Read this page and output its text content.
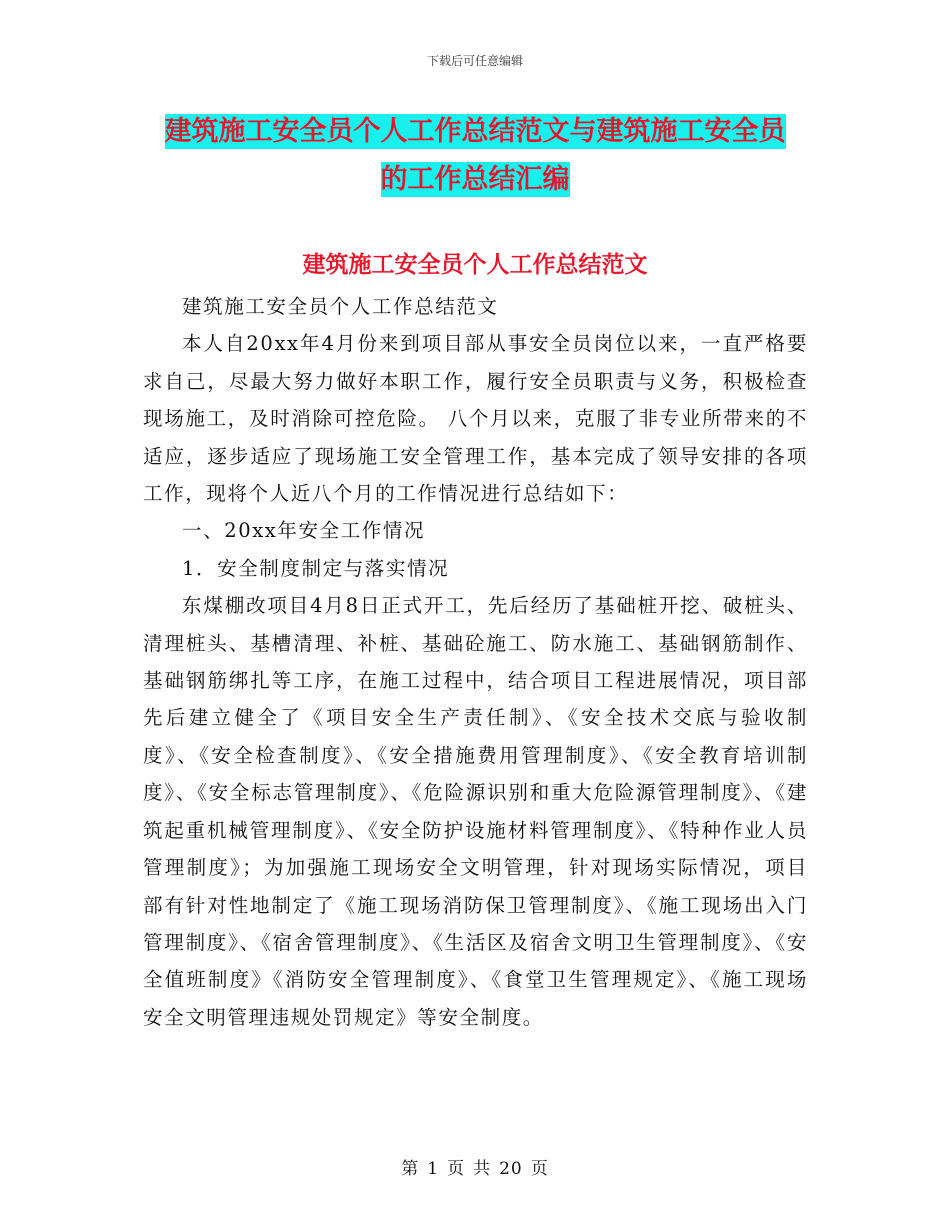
下载后可任意编辑
建筑施工安全员个人工作总结范文与建筑施工安全员
的工作总结汇编
建筑施工安全员个人工作总结范文

建筑施工安全员个人工作总结范文

本人自20xx年4月份来到项目部从事安全员岗位以来，一直严格要求自己，尽最大努力做好本职工作，履行安全员职责与义务，积极检查现场施工，及时消除可控危险。 八个月以来，克服了非专业所带来的不适应，逐步适应了现场施工安全管理工作，基本完成了领导安排的各项工作，现将个人近八个月的工作情况进行总结如下：

一、20xx年安全工作情况

1．安全制度制定与落实情况

东煤棚改项目4月8日正式开工，先后经历了基础桩开挖、破桩头、清理桩头、基槽清理、补桩、基础砼施工、防水施工、基础钢筋制作、基础钢筋绑扎等工序，在施工过程中，结合项目工程进展情况，项目部先后建立健全了《项目安全生产责任制》、《安全技术交底与验收制度》、《安全检查制度》、《安全措施费用管理制度》、《安全教育培训制度》、《安全标志管理制度》、《危险源识别和重大危险源管理制度》、《建筑起重机械管理制度》、《安全防护设施材料管理制度》、《特种作业人员管理制度》；为加强施工现场安全文明管理，针对现场实际情况，项目部有针对性地制定了《施工现场消防保卫管理制度》、《施工现场出入门管理制度》、《宿舍管理制度》、《生活区及宿舍文明卫生管理制度》、《安全值班制度》《消防安全管理制度》、《食堂卫生管理规定》、《施工现场安全文明管理违规处罚规定》等安全制度。

第 1 页 共 20 页
